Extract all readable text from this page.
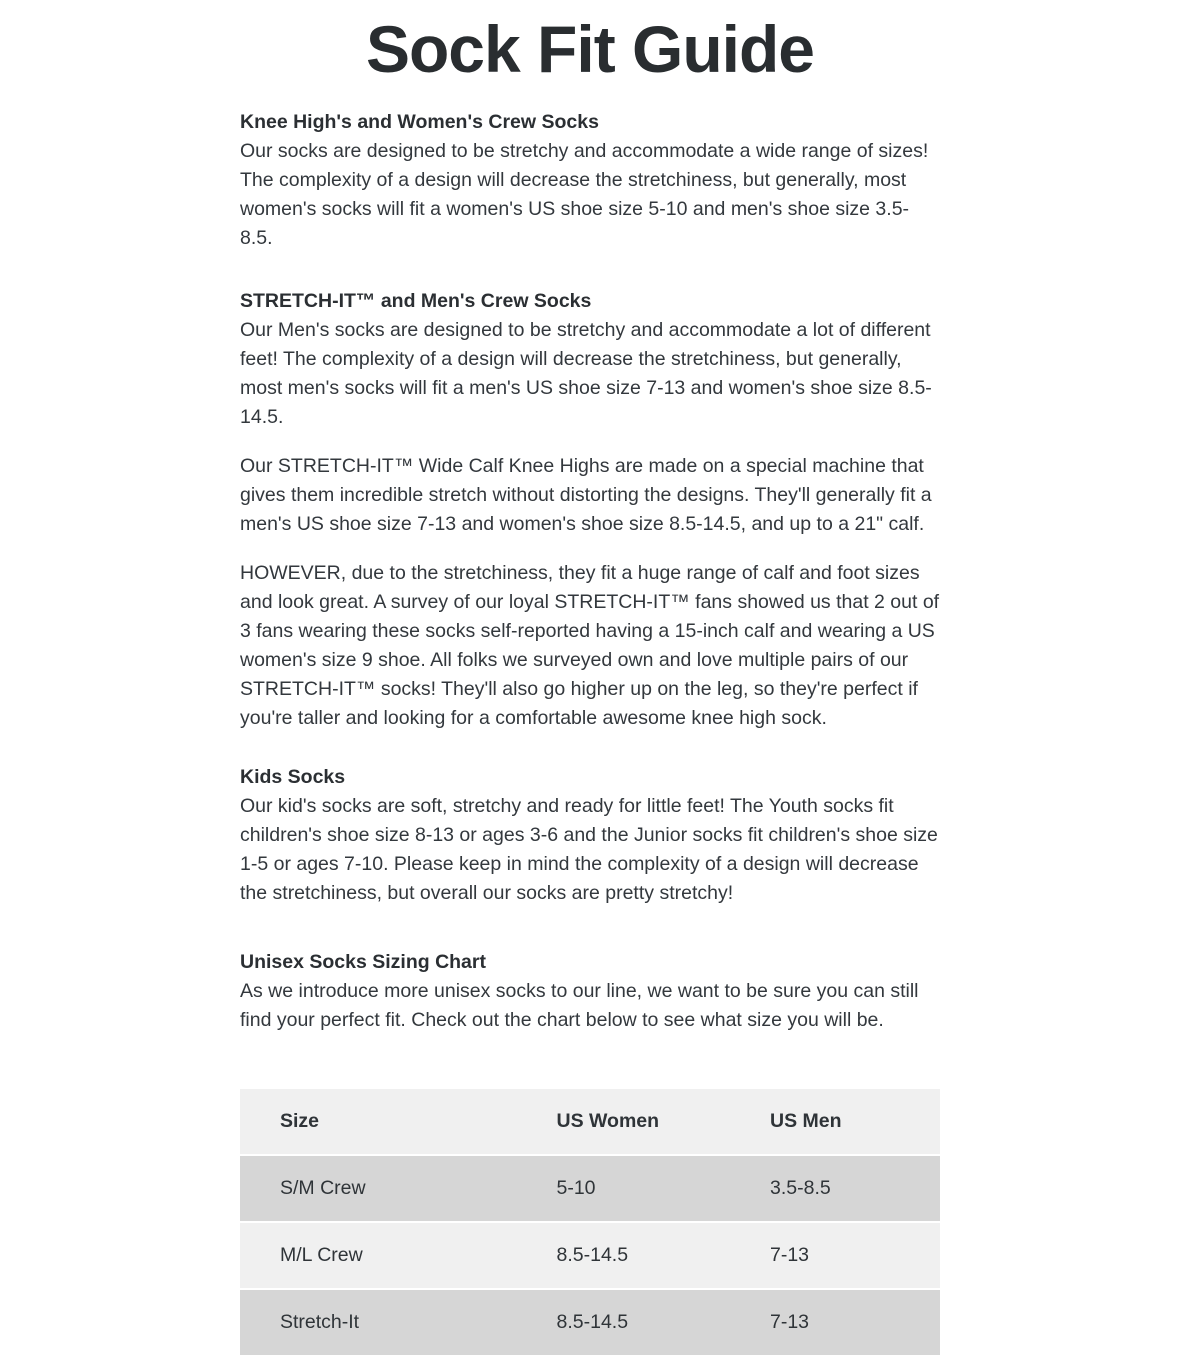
Sock Fit Guide
Knee High's and Women's Crew Socks

Our socks are designed to be stretchy and accommodate a wide range of sizes! The complexity of a design will decrease the stretchiness, but generally, most women's socks will fit a women's US shoe size 5-10 and men's shoe size 3.5-8.5.

STRETCH-IT™ and Men's Crew Socks

Our Men's socks are designed to be stretchy and accommodate a lot of different feet! The complexity of a design will decrease the stretchiness, but generally, most men's socks will fit a men's US shoe size 7-13 and women's shoe size 8.5-14.5.

Our STRETCH-IT™ Wide Calf Knee Highs are made on a special machine that gives them incredible stretch without distorting the designs. They'll generally fit a men's US shoe size 7-13 and women's shoe size 8.5-14.5, and up to a 21" calf.

HOWEVER, due to the stretchiness, they fit a huge range of calf and foot sizes and look great. A survey of our loyal STRETCH-IT™ fans showed us that 2 out of 3 fans wearing these socks self-reported having a 15-inch calf and wearing a US women's size 9 shoe. All folks we surveyed own and love multiple pairs of our STRETCH-IT™ socks! They'll also go higher up on the leg, so they're perfect if you're taller and looking for a comfortable awesome knee high sock.

Kids Socks

Our kid's socks are soft, stretchy and ready for little feet! The Youth socks fit children's shoe size 8-13 or ages 3-6 and the Junior socks fit children's shoe size 1-5 or ages 7-10. Please keep in mind the complexity of a design will decrease the stretchiness, but overall our socks are pretty stretchy!

Unisex Socks Sizing Chart

As we introduce more unisex socks to our line, we want to be sure you can still find your perfect fit. Check out the chart below to see what size you will be.

Size	US Women	US Men
S/M Crew	5-10	3.5-8.5
M/L Crew	8.5-14.5	7-13
Stretch-It	8.5-14.5	7-13
